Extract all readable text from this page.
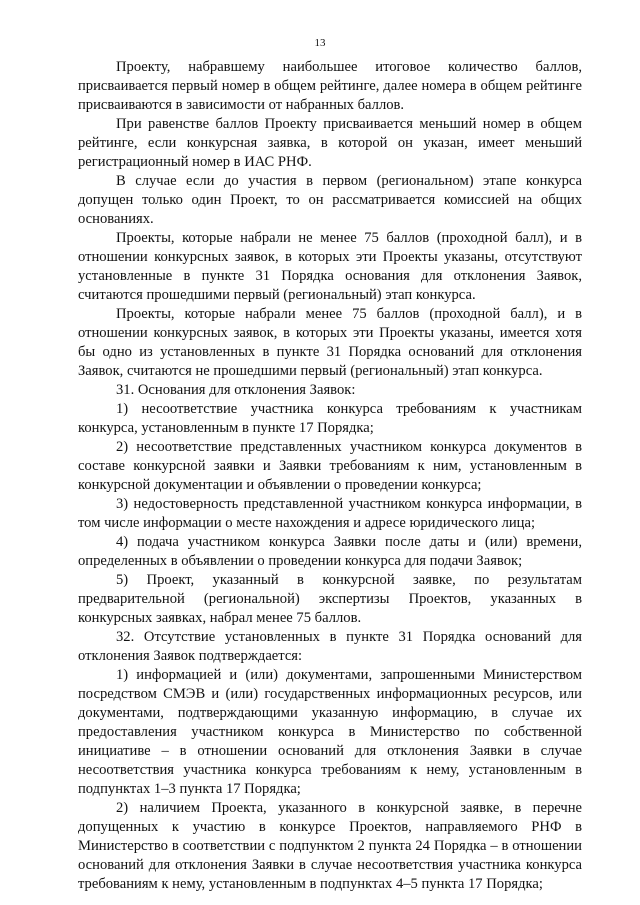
13

Проекту, набравшему наибольшее итоговое количество баллов, присваивается первый номер в общем рейтинге, далее номера в общем рейтинге присваиваются в зависимости от набранных баллов.

При равенстве баллов Проекту присваивается меньший номер в общем рейтинге, если конкурсная заявка, в которой он указан, имеет меньший регистрационный номер в ИАС РНФ.

В случае если до участия в первом (региональном) этапе конкурса допущен только один Проект, то он рассматривается комиссией на общих основаниях.

Проекты, которые набрали не менее 75 баллов (проходной балл), и в отношении конкурсных заявок, в которых эти Проекты указаны, отсутствуют установленные в пункте 31 Порядка основания для отклонения Заявок, считаются прошедшими первый (региональный) этап конкурса.

Проекты, которые набрали менее 75 баллов (проходной балл), и в отношении конкурсных заявок, в которых эти Проекты указаны, имеется хотя бы одно из установленных в пункте 31 Порядка оснований для отклонения Заявок, считаются не прошедшими первый (региональный) этап конкурса.

31. Основания для отклонения Заявок:

1) несоответствие участника конкурса требованиям к участникам конкурса, установленным в пункте 17 Порядка;

2) несоответствие представленных участником конкурса документов в составе конкурсной заявки и Заявки требованиям к ним, установленным в конкурсной документации и объявлении о проведении конкурса;

3) недостоверность представленной участником конкурса информации, в том числе информации о месте нахождения и адресе юридического лица;

4) подача участником конкурса Заявки после даты и (или) времени, определенных в объявлении о проведении конкурса для подачи Заявок;

5) Проект, указанный в конкурсной заявке, по результатам предварительной (региональной) экспертизы Проектов, указанных в конкурсных заявках, набрал менее 75 баллов.

32. Отсутствие установленных в пункте 31 Порядка оснований для отклонения Заявок подтверждается:

1) информацией и (или) документами, запрошенными Министерством посредством СМЭВ и (или) государственных информационных ресурсов, или документами, подтверждающими указанную информацию, в случае их предоставления участником конкурса в Министерство по собственной инициативе – в отношении оснований для отклонения Заявки в случае несоответствия участника конкурса требованиям к нему, установленным в подпунктах 1–3 пункта 17 Порядка;

2) наличием Проекта, указанного в конкурсной заявке, в перечне допущенных к участию в конкурсе Проектов, направляемого РНФ в Министерство в соответствии с подпунктом 2 пункта 24 Порядка – в отношении оснований для отклонения Заявки в случае несоответствия участника конкурса требованиям к нему, установленным в подпунктах 4–5 пункта 17 Порядка;
